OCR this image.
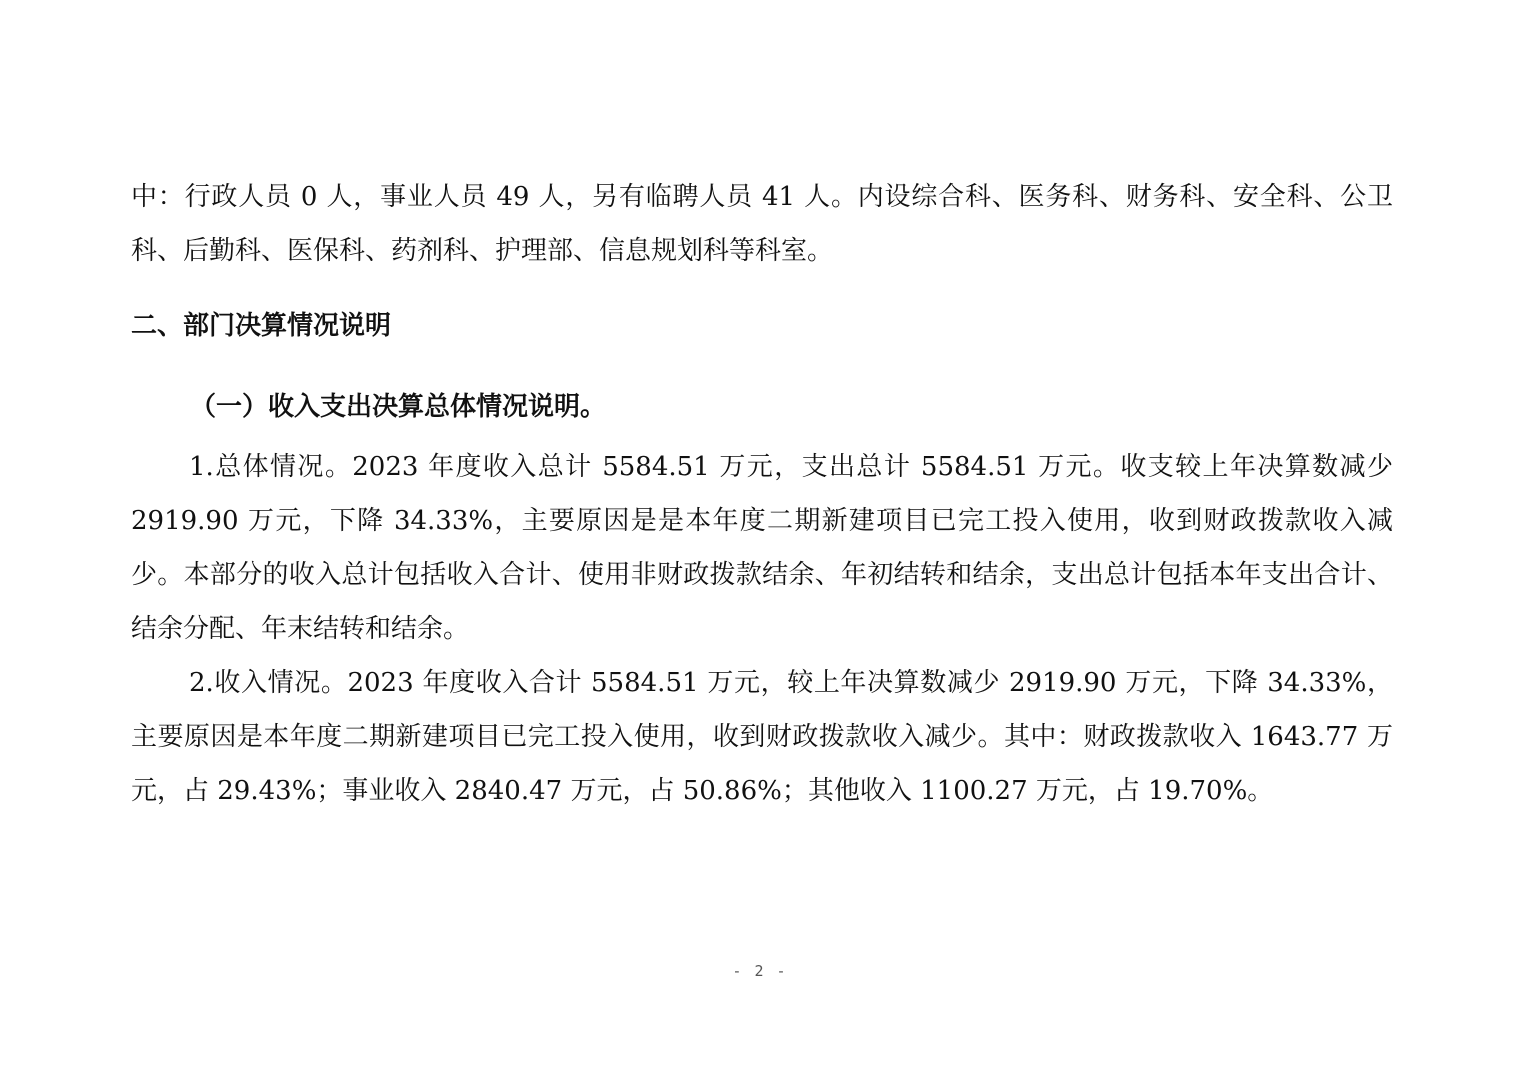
中：行政人员 0 人，事业人员 49 人，另有临聘人员 41 人。内设综合科、医务科、财务科、安全科、公卫科、后勤科、医保科、药剂科、护理部、信息规划科等科室。

二、部门决算情况说明
（一）收入支出决算总体情况说明。

1.总体情况。2023 年度收入总计 5584.51 万元，支出总计 5584.51 万元。收支较上年决算数减少 2919.90 万元，下降 34.33%，主要原因是是本年度二期新建项目已完工投入使用，收到财政拨款收入减少。本部分的收入总计包括收入合计、使用非财政拨款结余、年初结转和结余，支出总计包括本年支出合计、结余分配、年末结转和结余。

2.收入情况。2023 年度收入合计 5584.51 万元，较上年决算数减少 2919.90 万元，下降 34.33%，主要原因是本年度二期新建项目已完工投入使用，收到财政拨款收入减少。其中：财政拨款收入 1643.77 万元，占 29.43%；事业收入 2840.47 万元，占 50.86%；其他收入 1100.27 万元，占 19.70%。

- 2 -
